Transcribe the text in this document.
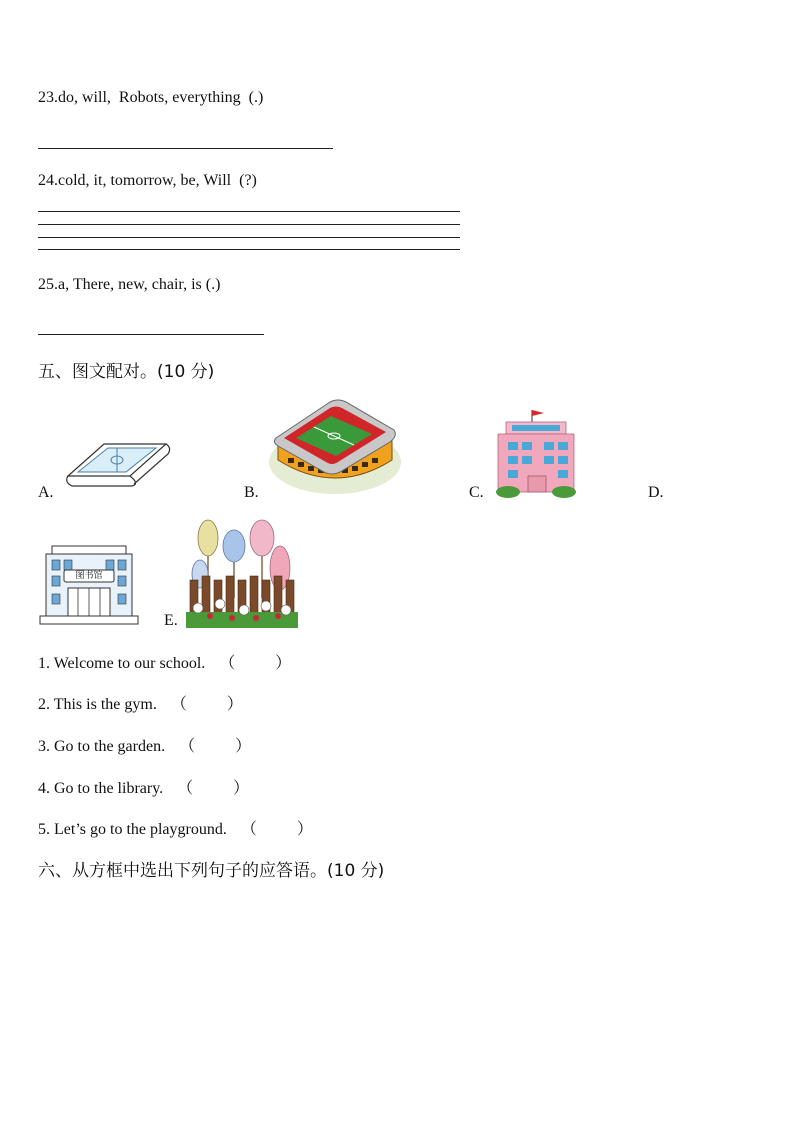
23.do, will,  Robots, everything  (.)
24.cold, it, tomorrow, be, Will  (?)
25.a, There, new, chair, is (.)
五、图文配对。(10 分)
A.	B.	C.	D.
图书馆
E.
1. Welcome to our school. （          ）
2. This is the gym. （          ）
3. Go to the garden. （          ）
4. Go to the library. （          ）
5. Let’s go to the playground. （          ）
六、从方框中选出下列句子的应答语。(10 分)
